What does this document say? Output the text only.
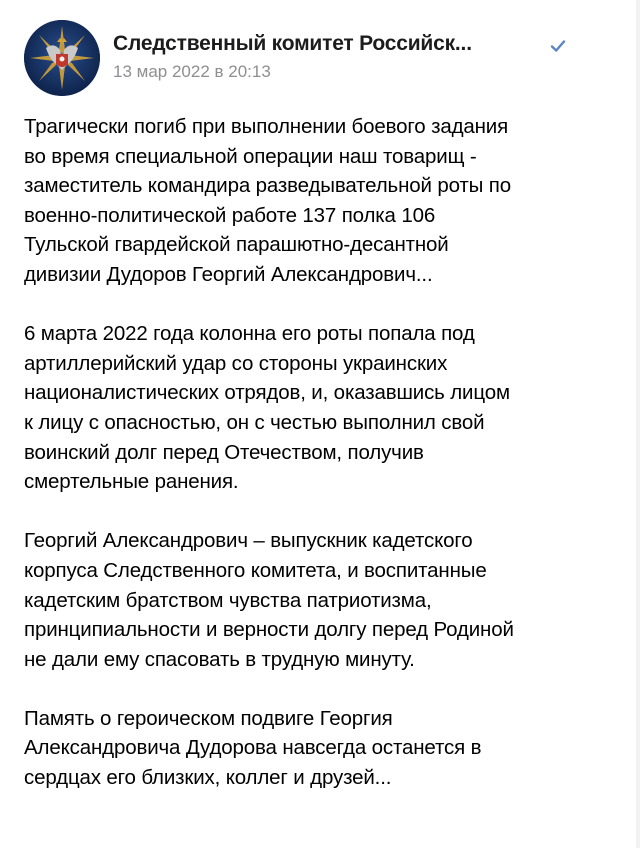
Следственный комитет Российск...
13 мар 2022 в 20:13

Трагически погиб при выполнении боевого задания
во время специальной операции наш товарищ -
заместитель командира разведывательной роты по
военно-политической работе 137 полка 106
Тульской гвардейской парашютно-десантной
дивизии Дудоров Георгий Александрович...

6 марта 2022 года колонна его роты попала под
артиллерийский удар со стороны украинских
националистических отрядов, и, оказавшись лицом
к лицу с опасностью, он с честью выполнил свой
воинский долг перед Отечеством, получив
смертельные ранения.

Георгий Александрович – выпускник кадетского
корпуса Следственного комитета, и воспитанные
кадетским братством чувства патриотизма,
принципиальности и верности долгу перед Родиной
не дали ему спасовать в трудную минуту.

Память о героическом подвиге Георгия
Александровича Дудорова навсегда останется в
сердцах его близких, коллег и друзей...
